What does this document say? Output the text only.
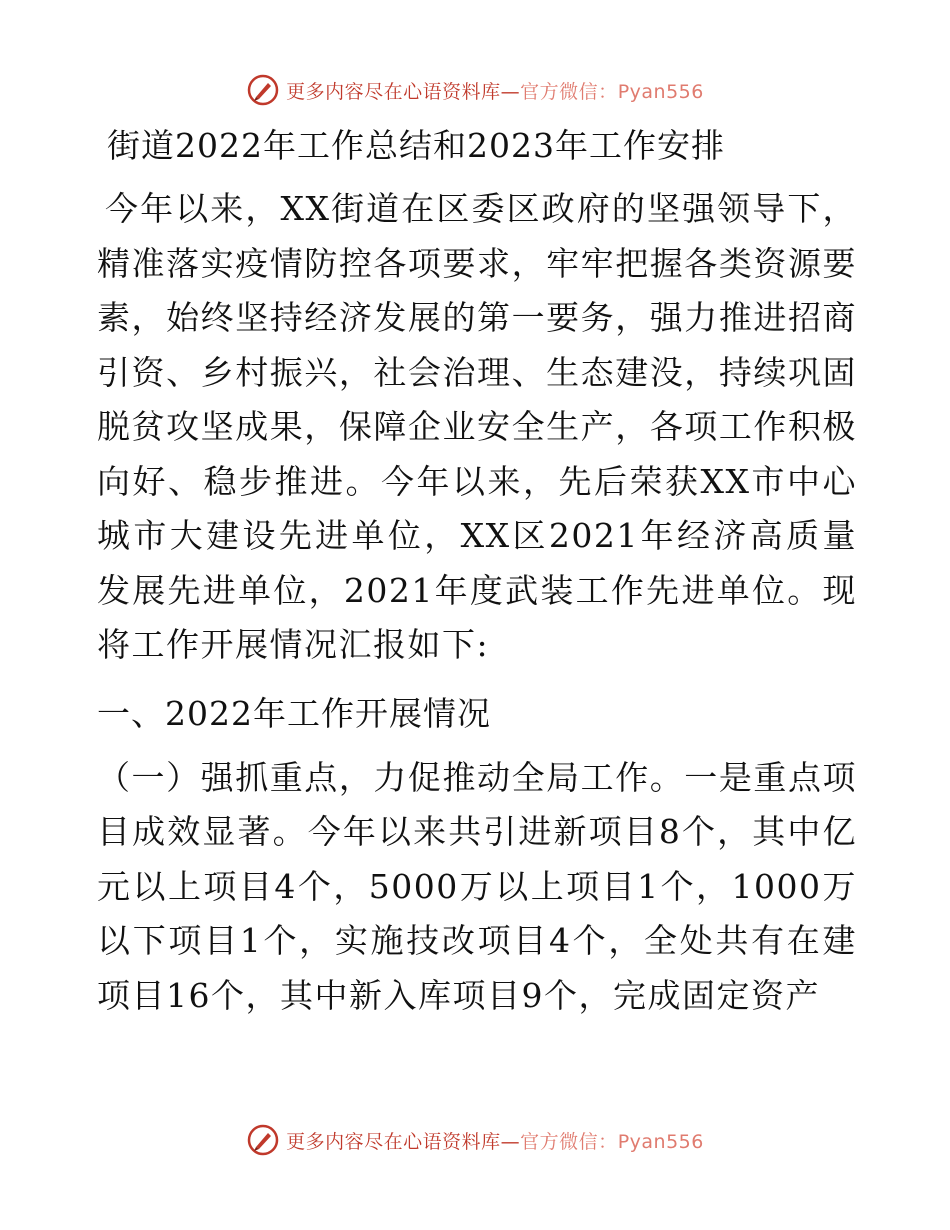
更多内容尽在心语资料库—官方微信：Pyan556
街道2022年工作总结和2023年工作安排

今年以来，XX街道在区委区政府的坚强领导下，精准落实疫情防控各项要求，牢牢把握各类资源要素，始终坚持经济发展的第一要务，强力推进招商引资、乡村振兴，社会治理、生态建没，持续巩固脱贫攻坚成果，保障企业安全生产，各项工作积极向好、稳步推进。今年以来，先后荣获XX市中心城市大建设先进单位，XX区2021年经济高质量发展先进单位，2021年度武装工作先进单位。现将工作开展情况汇报如下:

一、2022年工作开展情况

（一）强抓重点，力促推动全局工作。一是重点项目成效显著。今年以来共引进新项目8个，其中亿元以上项目4个，5000万以上项目1个，1000万以下项目1个，实施技改项目4个，全处共有在建项目16个，其中新入库项目9个，完成固定资产

更多内容尽在心语资料库—官方微信：Pyan556
